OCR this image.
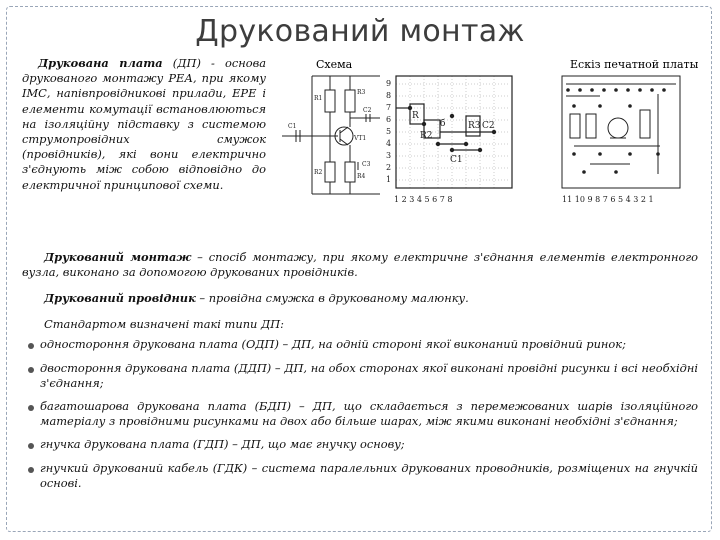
Друкований монтаж

Друкована плата (ДП) - основа друкованого монтажу РЕА, при якому ІМС, напівпровідникові прилади, ЕРЕ і елементи комутації встановлюються на ізоляційну підставку з системою струмопровідних смужок (провідників), які вони електрично з'єднують між собою відповідно до електричної принципової схеми.

Схема
R1
R2
R3
R4
C1
C2
C3
VT1
9
8
7
6
5
4
3
2
1
R
R2
R3 C2
C1
б
1 2 3 4 5 6 7 8
Ескіз печатной платы
11 10 9 8 7 6 5 4 3 2 1

Друкований монтаж – спосіб монтажу, при якому електричне з'єднання елементів електронного вузла, виконано за допомогою друкованих провідників.

Друкований провідник – провідна смужка в друкованому малюнку.

Стандартом визначені такі типи ДП:

одностороння друкована плата (ОДП) – ДП, на одній стороні якої виконаний провідний ринок;

двостороння друкована плата (ДДП) – ДП, на обох сторонах якої виконані провідні рисунки і всі необхідні з'єднання;

багатошарова друкована плата (БДП) – ДП, що складається з перемежованих шарів ізоляційного матеріалу з провідними рисунками на двох або більше шарах, між якими виконані необхідні з'єднання;

гнучка друкована плата (ГДП) – ДП, що має гнучку основу;

гнучкий друкований кабель (ГДК) – система паралельних друкованих проводників, розміщених на гнучкій основі.
